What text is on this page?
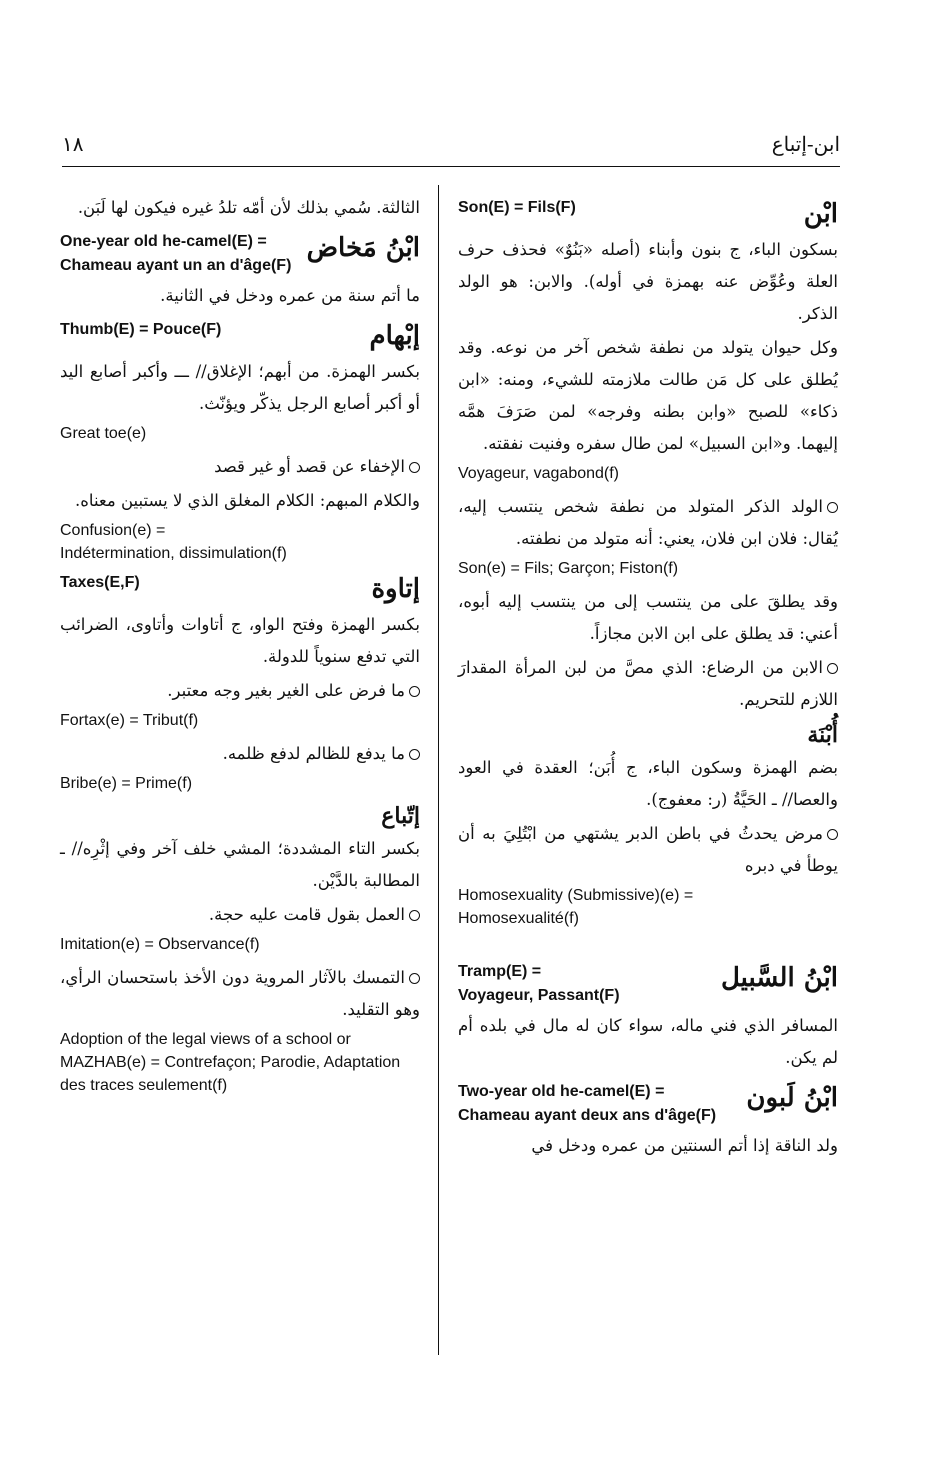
١٨	ابن-إتباع
Son(E) = Fils(F)	ابْن
بسكون الباء، ج بنون وأبناء (أصله «بَنُوٌ» فحذف حرف العلة وعُوِّض عنه بهمزة في أوله). والابن: هو الولد الذكر.
وكل حيوان يتولد من نطفة شخص آخر من نوعه. وقد يُطلق على كل مَن طالت ملازمته للشيء، ومنه: «ابن ذكاء» للصبح «وابن بطنه وفرجه» لمن صَرَفَ همَّه إليهما. و«ابن السبيل» لمن طال سفره وفنيت نفقته.
Voyageur, vagabond(f)
الولد الذكر المتولد من نطفة شخص ينتسب إليه، يُقال: فلان ابن فلان، يعني: أنه متولد من نطفته.
Son(e) = Fils; Garçon; Fiston(f)
وقد يطلقَ على من ينتسب إلى من ينتسب إليه أبوه، أعني: قد يطلق على ابن الابن مجازاً.
الابن من الرضاع: الذي مصَّ من لبن المرأة المقدارَ اللازم للتحريم.
أُبْنَة
بضم الهمزة وسكون الباء، ج أُبَن؛ العقدة في العود والعصا// ـ الحَيَّةُ (ر: معفوج).
مرض يحدثُ في باطن الدبر يشتهي من ابْتُلِيَ به أن يوطأ في دبره
Homosexuality (Submissive)(e) =
Homosexualité(f)
Tramp(E) =
Voyageur, Passant(F)
ابْنُ السَّبيل
المسافر الذي فني ماله، سواء كان له مال في بلده أم لم يكن.
Two-year old he-camel(E) =
Chameau ayant deux ans d'âge(F)
ابْنُ لَبون
ولد الناقة إذا أتم السنتين من عمره ودخل في
الثالثة. سُمي بذلك لأن أمّه تلدُ غيره فيكون لها لَبَن.
One-year old he-camel(E) =
Chameau ayant un an d'âge(F)
ابْنُ مَخاض
ما أتم سنة من عمره ودخل في الثانية.
Thumb(E) = Pouce(F)	إبْهام
بكسر الهمزة. من أبهم؛ الإغلاق// ـــ وأكبر أصابع اليد أو أكبر أصابع الرجل يذكّر ويؤنّث.
Great toe(e)
الإخفاء عن قصد أو غير قصد
والكلام المبهم: الكلام المغلق الذي لا يستبين معناه.
Confusion(e) =
Indétermination, dissimulation(f)
Taxes(E,F)	إتاوة
بكسر الهمزة وفتح الواو، ج أتاوات وأتاوى، الضرائب التي تدفع سنوياً للدولة.
ما فرض على الغير بغير وجه معتبر.
Fortax(e) = Tribut(f)
ما يدفع للظالم لدفع ظلمه.
Bribe(e) = Prime(f)
إتّباع
بكسر التاء المشددة؛ المشي خلف آخر وفي إثْرِه// ـ المطالبة بالدَّيْن.
العمل بقول قامت عليه حجة.
Imitation(e) = Observance(f)
التمسك بالآثار المروية دون الأخذ باستحسان الرأي، وهو التقليد.
Adoption of the legal views of a school or MAZHAB(e) = Contrefaçon; Parodie, Adaptation des traces seulement(f)
